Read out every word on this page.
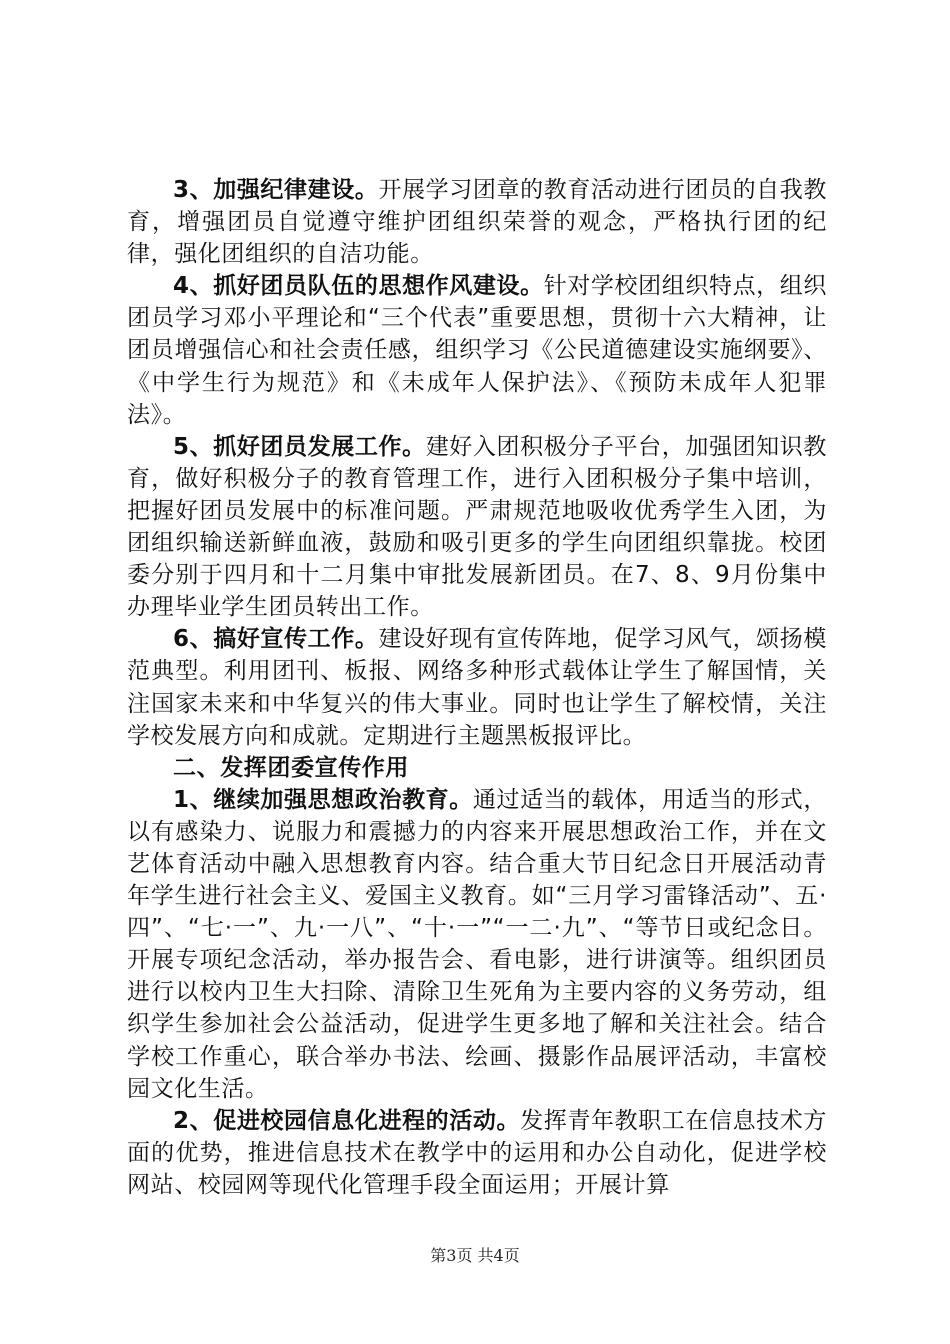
3、加强纪律建设。开展学习团章的教育活动进行团员的自我教育，增强团员自觉遵守维护团组织荣誉的观念，严格执行团的纪律，强化团组织的自洁功能。

4、抓好团员队伍的思想作风建设。针对学校团组织特点，组织团员学习邓小平理论和“三个代表”重要思想，贯彻十六大精神，让团员增强信心和社会责任感，组织学习《公民道德建设实施纲要》、《中学生行为规范》和《未成年人保护法》、《预防未成年人犯罪法》。

5、抓好团员发展工作。建好入团积极分子平台，加强团知识教育，做好积极分子的教育管理工作，进行入团积极分子集中培训，把握好团员发展中的标准问题。严肃规范地吸收优秀学生入团，为团组织输送新鲜血液，鼓励和吸引更多的学生向团组织靠拢。校团委分别于四月和十二月集中审批发展新团员。在7、8、9月份集中办理毕业学生团员转出工作。

6、搞好宣传工作。建设好现有宣传阵地，促学习风气，颂扬模范典型。利用团刊、板报、网络多种形式载体让学生了解国情，关注国家未来和中华复兴的伟大事业。同时也让学生了解校情，关注学校发展方向和成就。定期进行主题黑板报评比。

二、发挥团委宣传作用

1、继续加强思想政治教育。通过适当的载体，用适当的形式，以有感染力、说服力和震撼力的内容来开展思想政治工作，并在文艺体育活动中融入思想教育内容。结合重大节日纪念日开展活动青年学生进行社会主义、爱国主义教育。如“三月学习雷锋活动”、五·四”、“七·一”、九·一八”、“十·一”“一二·九”、“等节日或纪念日。开展专项纪念活动，举办报告会、看电影，进行讲演等。组织团员进行以校内卫生大扫除、清除卫生死角为主要内容的义务劳动，组织学生参加社会公益活动，促进学生更多地了解和关注社会。结合学校工作重心，联合举办书法、绘画、摄影作品展评活动，丰富校园文化生活。

2、促进校园信息化进程的活动。发挥青年教职工在信息技术方面的优势，推进信息技术在教学中的运用和办公自动化，促进学校网站、校园网等现代化管理手段全面运用；开展计算

第3页 共4页
